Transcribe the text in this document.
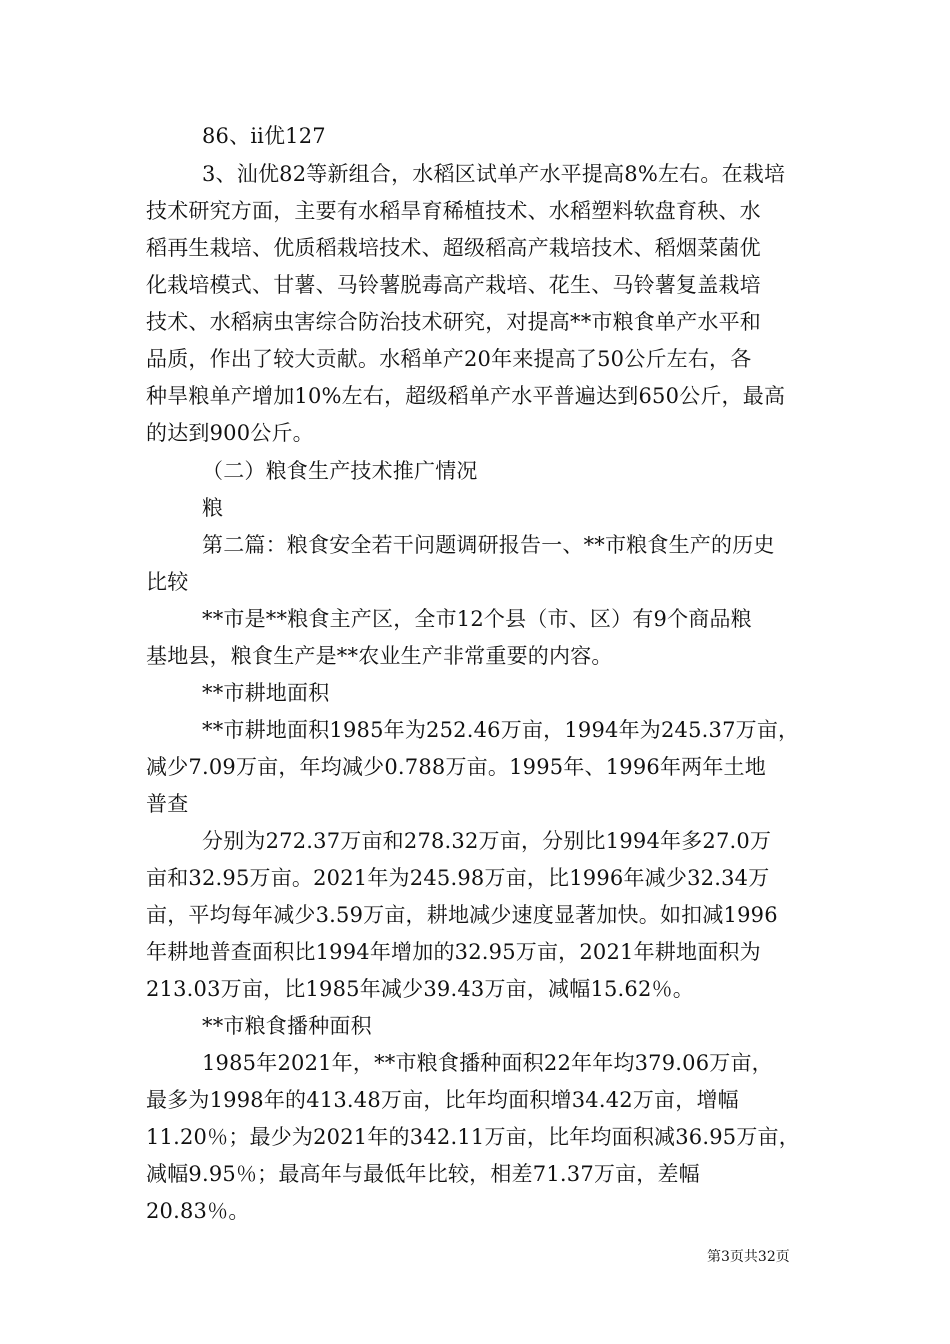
86、ⅱ优127
3、汕优82等新组合，水稻区试单产水平提高8%左右。在栽培
技术研究方面，主要有水稻旱育稀植技术、水稻塑料软盘育秧、水
稻再生栽培、优质稻栽培技术、超级稻高产栽培技术、稻烟菜菌优
化栽培模式、甘薯、马铃薯脱毒高产栽培、花生、马铃薯复盖栽培
技术、水稻病虫害综合防治技术研究，对提高**市粮食单产水平和
品质，作出了较大贡献。水稻单产20年来提高了50公斤左右，各
种旱粮单产增加10%左右，超级稻单产水平普遍达到650公斤，最高
的达到900公斤。
（二）粮食生产技术推广情况
粮
第二篇：粮食安全若干问题调研报告一、**市粮食生产的历史
比较
**市是**粮食主产区，全市12个县（市、区）有9个商品粮
基地县，粮食生产是**农业生产非常重要的内容。
**市耕地面积
**市耕地面积1985年为252.46万亩，1994年为245.37万亩，
减少7.09万亩，年均减少0.788万亩。1995年、1996年两年土地
普查
分别为272.37万亩和278.32万亩，分别比1994年多27.0万
亩和32.95万亩。2021年为245.98万亩，比1996年减少32.34万
亩，平均每年减少3.59万亩，耕地减少速度显著加快。如扣减1996
年耕地普查面积比1994年增加的32.95万亩，2021年耕地面积为
213.03万亩，比1985年减少39.43万亩，减幅15.62％。
**市粮食播种面积
1985年2021年，**市粮食播种面积22年年均379.06万亩，
最多为1998年的413.48万亩，比年均面积增34.42万亩，增幅
11.20％；最少为2021年的342.11万亩，比年均面积减36.95万亩，
减幅9.95％；最高年与最低年比较，相差71.37万亩，差幅
20.83％。
第3页共32页
